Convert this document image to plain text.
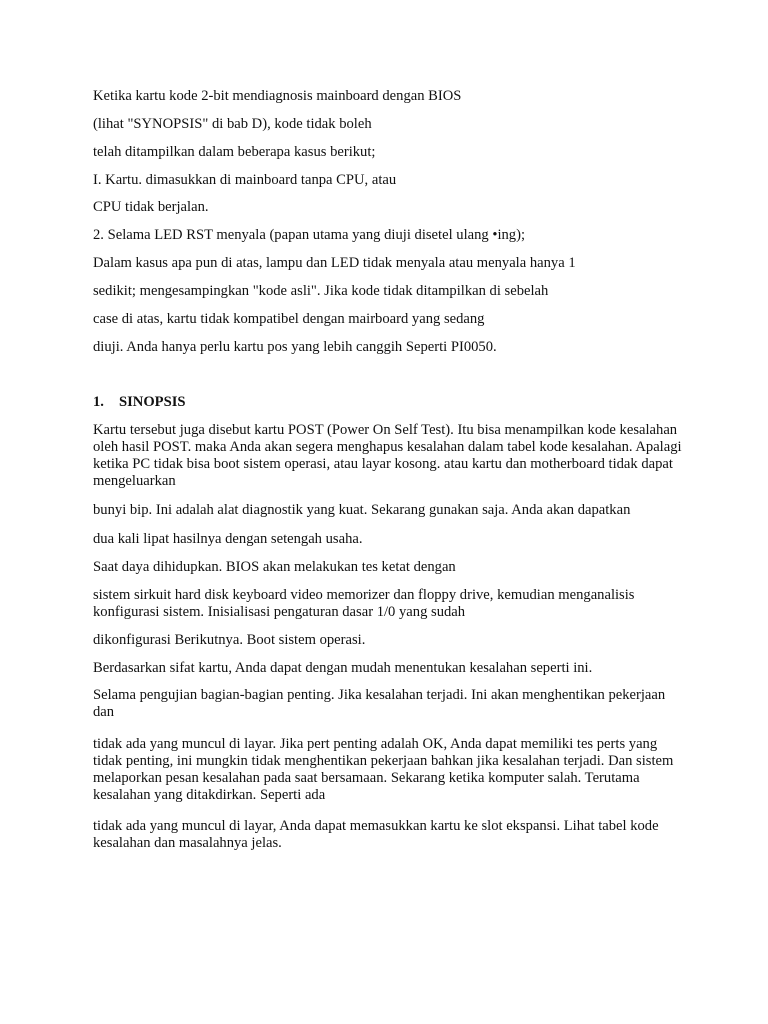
Ketika kartu kode 2-bit mendiagnosis mainboard dengan BIOS

(lihat "SYNOPSIS" di bab D), kode tidak boleh

telah ditampilkan dalam beberapa kasus berikut;

I. Kartu. dimasukkan di mainboard tanpa CPU, atau

CPU tidak berjalan.

2. Selama LED RST menyala (papan utama yang diuji disetel ulang •ing);

Dalam kasus apa pun di atas, lampu dan LED tidak menyala atau menyala hanya 1

sedikit; mengesampingkan "kode asli". Jika kode tidak ditampilkan di sebelah

case di atas, kartu tidak kompatibel dengan mairboard yang sedang

diuji. Anda hanya perlu kartu pos yang lebih canggih Seperti PI0050.

1. SINOPSIS

Kartu tersebut juga disebut kartu POST (Power On Self Test). Itu bisa menampilkan kode kesalahan oleh hasil POST. maka Anda akan segera menghapus kesalahan dalam tabel kode kesalahan. Apalagi ketika PC tidak bisa boot sistem operasi, atau layar kosong. atau kartu dan motherboard tidak dapat mengeluarkan

bunyi bip. Ini adalah alat diagnostik yang kuat. Sekarang gunakan saja. Anda akan dapatkan

dua kali lipat hasilnya dengan setengah usaha.

Saat daya dihidupkan. BIOS akan melakukan tes ketat dengan

sistem sirkuit hard disk keyboard video memorizer dan floppy drive, kemudian menganalisis konfigurasi sistem. Inisialisasi pengaturan dasar 1/0 yang sudah

dikonfigurasi Berikutnya. Boot sistem operasi.

Berdasarkan sifat kartu, Anda dapat dengan mudah menentukan kesalahan seperti ini.

Selama pengujian bagian-bagian penting. Jika kesalahan terjadi. Ini akan menghentikan pekerjaan dan

tidak ada yang muncul di layar. Jika pert penting adalah OK, Anda dapat memiliki tes perts yang tidak penting, ini mungkin tidak menghentikan pekerjaan bahkan jika kesalahan terjadi. Dan sistem melaporkan pesan kesalahan pada saat bersamaan. Sekarang ketika komputer salah. Terutama kesalahan yang ditakdirkan. Seperti ada

tidak ada yang muncul di layar, Anda dapat memasukkan kartu ke slot ekspansi. Lihat tabel kode kesalahan dan masalahnya jelas.
